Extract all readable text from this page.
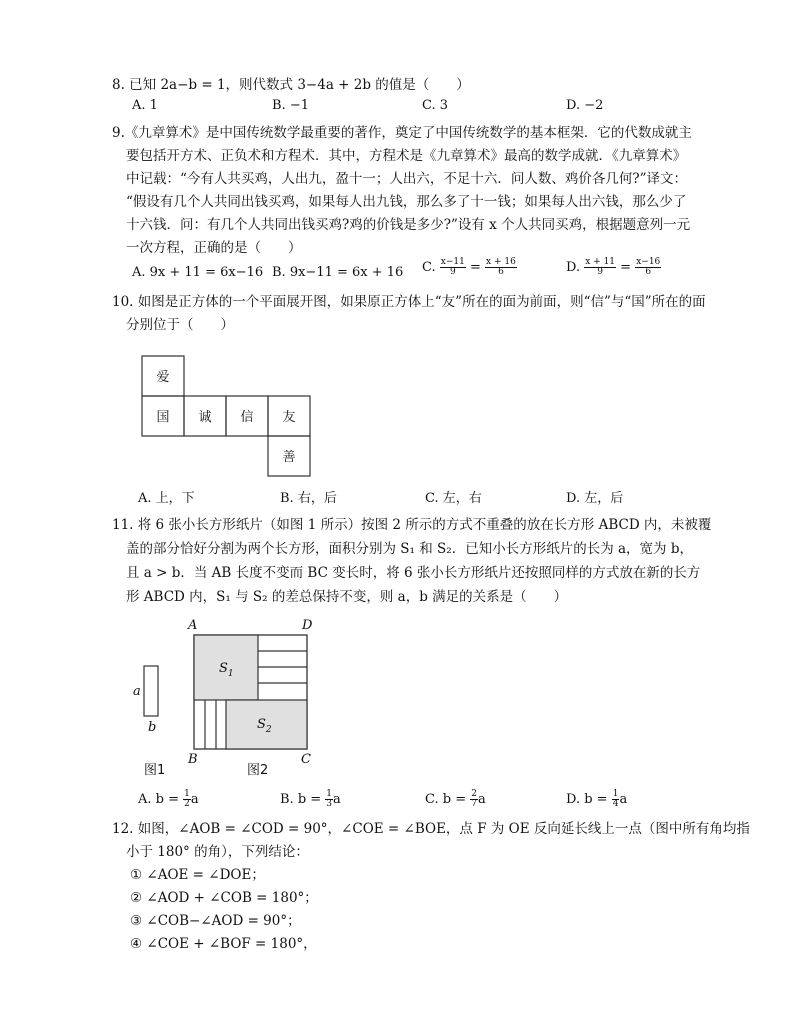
8. 已知 2a−b = 1，则代数式 3−4a + 2b 的值是（　　）
A. 1	B. −1	C. 3	D. −2
9.《九章算术》是中国传统数学最重要的著作，奠定了中国传统数学的基本框架．它的代数成就主
要包括开方术、正负术和方程术．其中，方程术是《九章算术》最高的数学成就．《九章算术》
中记载：“今有人共买鸡，人出九，盈十一；人出六，不足十六．问人数、鸡价各几何?”译文：
“假设有几个人共同出钱买鸡，如果每人出九钱，那么多了十一钱；如果每人出六钱，那么少了
十六钱．问：有几个人共同出钱买鸡?鸡的价钱是多少?”设有 x 个人共同买鸡，根据题意列一元
一次方程，正确的是（　　）
A. 9x + 11 = 6x−16 B. 9x−11 = 6x + 16 C. $\frac{x-11}{9} = \frac{x + 16}{6}$	D. $\frac{x + 11}{9} = \frac{x-16}{6}$
10. 如图是正方体的一个平面展开图，如果原正方体上“友”所在的面为前面，则“信”与“国”所在的面
分别位于（　　）
爱
国 诚 信 友
善
A. 上，下	B. 右，后	C. 左，右	D. 左，后
11. 将 6 张小长方形纸片（如图 1 所示）按图 2 所示的方式不重叠的放在长方形 ABCD 内，未被覆
盖的部分恰好分割为两个长方形，面积分别为 S₁ 和 S₂．已知小长方形纸片的长为 a，宽为 b，
且 a > b．当 AB 长度不变而 BC 变长时，将 6 张小长方形纸片还按照同样的方式放在新的长方
形 ABCD 内，S₁ 与 S₂ 的差总保持不变，则 a，b 满足的关系是（　　）
a
b
图1
A	D
B	C
$S_1$
$S_2$
图2
A. $b = \frac{1}{2}$ a	B. $b = \frac{1}{3}$ a	C. $b = \frac{2}{7}$ a	D. $b = \frac{1}{4}$ a
12. 如图，∠AOB = ∠COD = 90°，∠COE = ∠BOE，点 F 为 OE 反向延长线上一点（图中所有角均指
小于 180° 的角），下列结论：
① ∠AOE = ∠DOE；
② ∠AOD + ∠COB = 180°；
③ ∠COB−∠AOD = 90°；
④ ∠COE + ∠BOF = 180°，
